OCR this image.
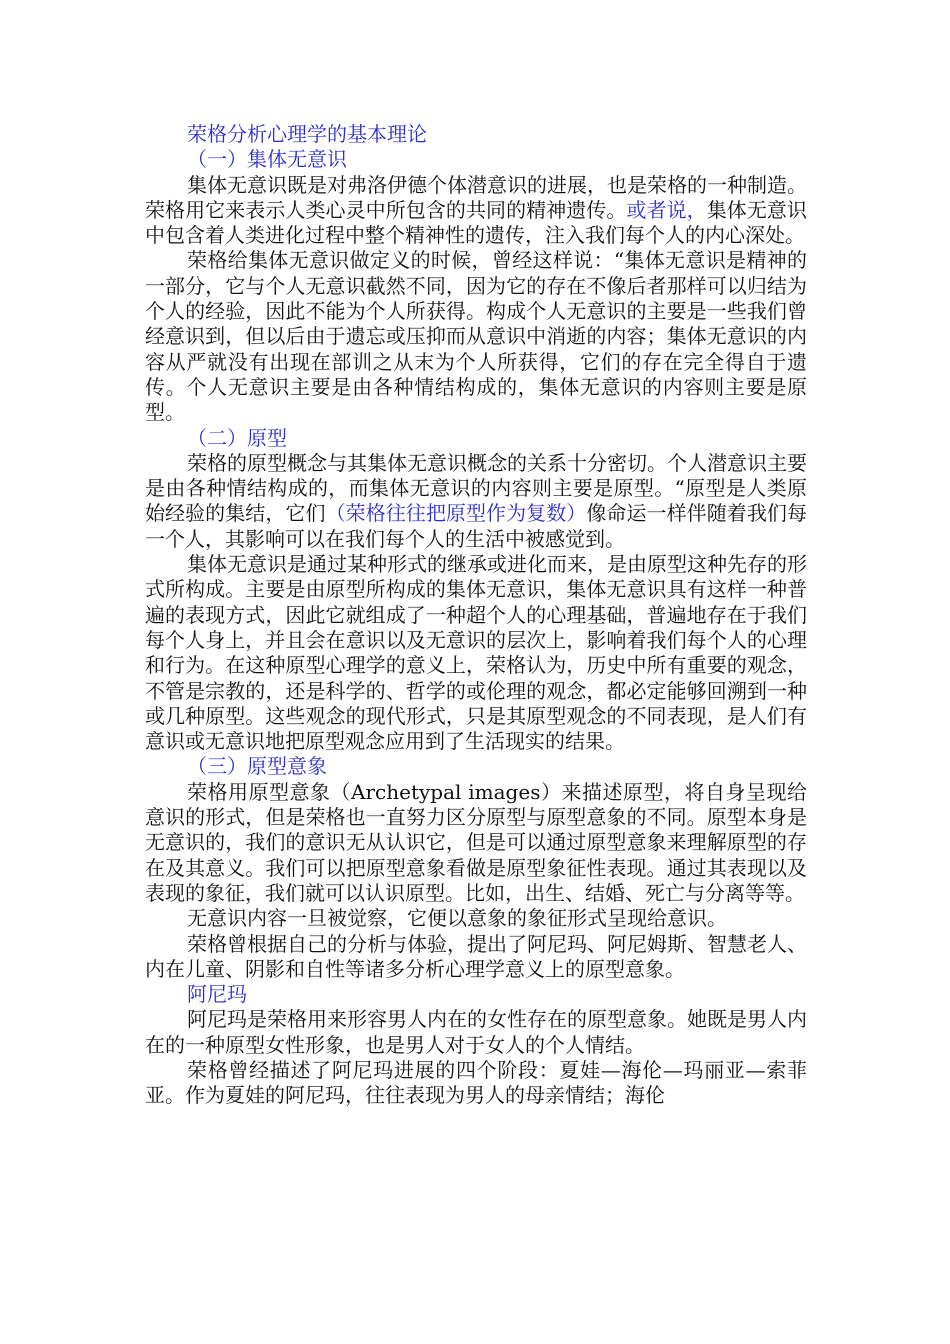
荣格分析心理学的基本理论

（一）集体无意识

集体无意识既是对弗洛伊德个体潜意识的进展，也是荣格的一种制造。荣格用它来表示人类心灵中所包含的共同的精神遗传。或者说，集体无意识中包含着人类进化过程中整个精神性的遗传，注入我们每个人的内心深处。

荣格给集体无意识做定义的时候，曾经这样说：“集体无意识是精神的一部分，它与个人无意识截然不同，因为它的存在不像后者那样可以归结为个人的经验，因此不能为个人所获得。构成个人无意识的主要是一些我们曾经意识到，但以后由于遗忘或压抑而从意识中消逝的内容；集体无意识的内容从严就没有出现在部训之从末为个人所获得，它们的存在完全得自于遗传。个人无意识主要是由各种情结构成的，集体无意识的内容则主要是原型。

（二）原型

荣格的原型概念与其集体无意识概念的关系十分密切。个人潜意识主要是由各种情结构成的，而集体无意识的内容则主要是原型。“原型是人类原始经验的集结，它们（荣格往往把原型作为复数）像命运一样伴随着我们每一个人，其影响可以在我们每个人的生活中被感觉到。

集体无意识是通过某种形式的继承或进化而来，是由原型这种先存的形式所构成。主要是由原型所构成的集体无意识，集体无意识具有这样一种普遍的表现方式，因此它就组成了一种超个人的心理基础，普遍地存在于我们每个人身上，并且会在意识以及无意识的层次上，影响着我们每个人的心理和行为。在这种原型心理学的意义上，荣格认为，历史中所有重要的观念，不管是宗教的，还是科学的、哲学的或伦理的观念，都必定能够回溯到一种或几种原型。这些观念的现代形式，只是其原型观念的不同表现，是人们有意识或无意识地把原型观念应用到了生活现实的结果。

（三）原型意象

荣格用原型意象（Archetypal images）来描述原型，将自身呈现给意识的形式，但是荣格也一直努力区分原型与原型意象的不同。原型本身是无意识的，我们的意识无从认识它，但是可以通过原型意象来理解原型的存在及其意义。我们可以把原型意象看做是原型象征性表现。通过其表现以及表现的象征，我们就可以认识原型。比如，出生、结婚、死亡与分离等等。

无意识内容一旦被觉察，它便以意象的象征形式呈现给意识。

荣格曾根据自己的分析与体验，提出了阿尼玛、阿尼姆斯、智慧老人、内在儿童、阴影和自性等诸多分析心理学意义上的原型意象。

阿尼玛

阿尼玛是荣格用来形容男人内在的女性存在的原型意象。她既是男人内在的一种原型女性形象，也是男人对于女人的个人情结。

荣格曾经描述了阿尼玛进展的四个阶段：夏娃—海伦—玛丽亚—索菲亚。作为夏娃的阿尼玛，往往表现为男人的母亲情结；海伦
